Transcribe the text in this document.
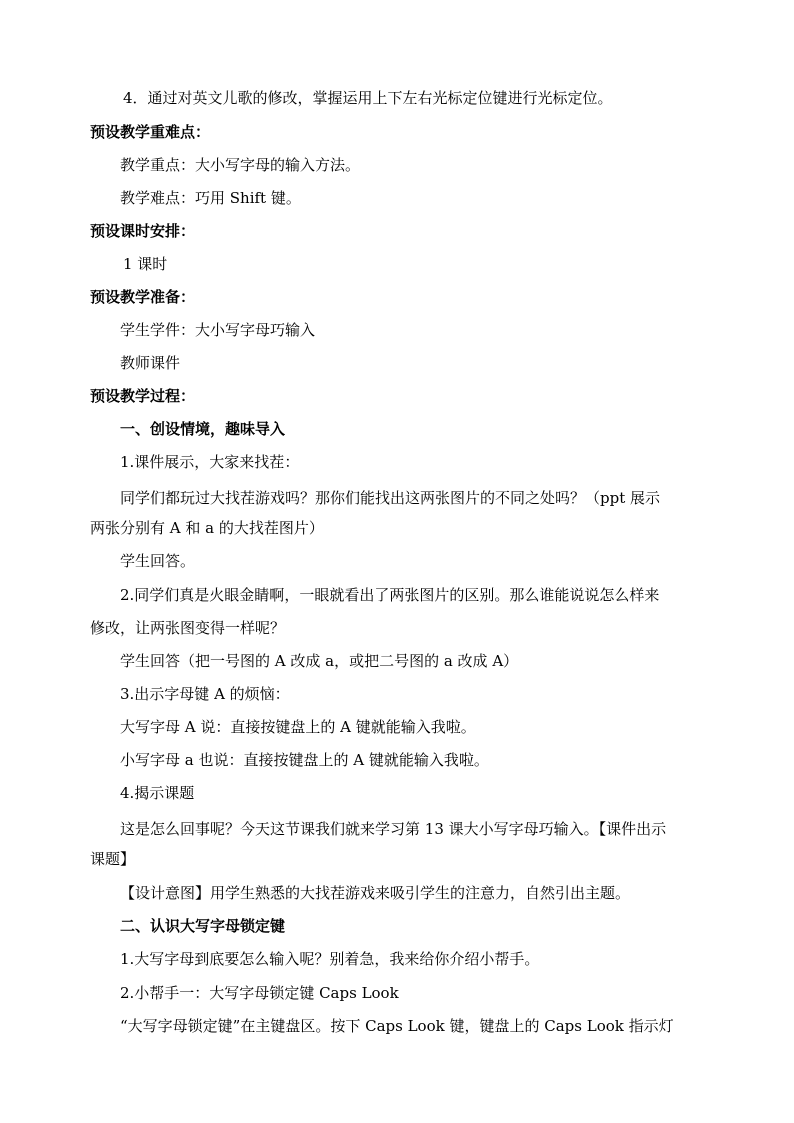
4．通过对英文儿歌的修改，掌握运用上下左右光标定位键进行光标定位。
预设教学重难点：
教学重点：大小写字母的输入方法。
教学难点：巧用 Shift 键。
预设课时安排：
1 课时
预设教学准备：
学生学件：大小写字母巧输入
教师课件
预设教学过程：
一、创设情境，趣味导入
1.课件展示，大家来找茬：
同学们都玩过大找茬游戏吗？那你们能找出这两张图片的不同之处吗？（ppt 展示
两张分别有 A 和 a 的大找茬图片）
学生回答。
2.同学们真是火眼金睛啊，一眼就看出了两张图片的区别。那么谁能说说怎么样来
修改，让两张图变得一样呢？
学生回答（把一号图的 A 改成 a，或把二号图的 a 改成 A）
3.出示字母键 A 的烦恼：
大写字母 A 说：直接按键盘上的 A 键就能输入我啦。
小写字母 a 也说：直接按键盘上的 A 键就能输入我啦。
4.揭示课题
这是怎么回事呢？今天这节课我们就来学习第 13 课大小写字母巧输入。【课件出示
课题】
【设计意图】用学生熟悉的大找茬游戏来吸引学生的注意力，自然引出主题。
二、认识大写字母锁定键
1.大写字母到底要怎么输入呢？别着急，我来给你介绍小帮手。
2.小帮手一：大写字母锁定键 Caps Look
“大写字母锁定键”在主键盘区。按下 Caps Look 键，键盘上的 Caps Look 指示灯
